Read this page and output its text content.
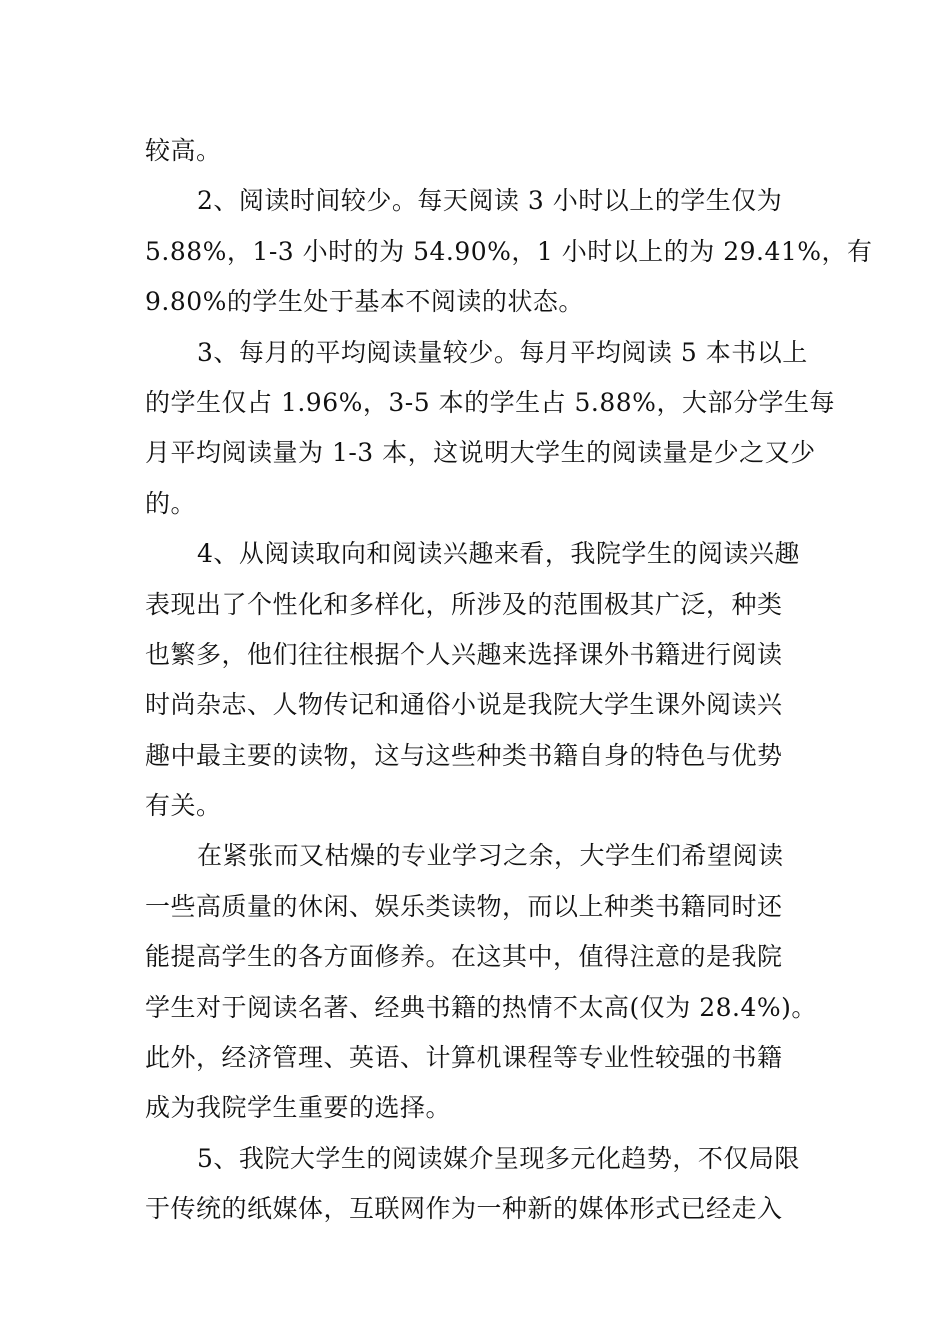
较高。
2、阅读时间较少。每天阅读 3 小时以上的学生仅为
5.88%，1-3 小时的为 54.90%，1 小时以上的为 29.41%，有
9.80%的学生处于基本不阅读的状态。
3、每月的平均阅读量较少。每月平均阅读 5 本书以上
的学生仅占 1.96%，3-5 本的学生占 5.88%，大部分学生每
月平均阅读量为 1-3 本，这说明大学生的阅读量是少之又少
的。
4、从阅读取向和阅读兴趣来看，我院学生的阅读兴趣
表现出了个性化和多样化，所涉及的范围极其广泛，种类
也繁多，他们往往根据个人兴趣来选择课外书籍进行阅读
时尚杂志、人物传记和通俗小说是我院大学生课外阅读兴
趣中最主要的读物，这与这些种类书籍自身的特色与优势
有关。
在紧张而又枯燥的专业学习之余，大学生们希望阅读
一些高质量的休闲、娱乐类读物，而以上种类书籍同时还
能提高学生的各方面修养。在这其中，值得注意的是我院
学生对于阅读名著、经典书籍的热情不太高(仅为 28.4%)。
此外，经济管理、英语、计算机课程等专业性较强的书籍
成为我院学生重要的选择。
5、我院大学生的阅读媒介呈现多元化趋势，不仅局限
于传统的纸媒体，互联网作为一种新的媒体形式已经走入
